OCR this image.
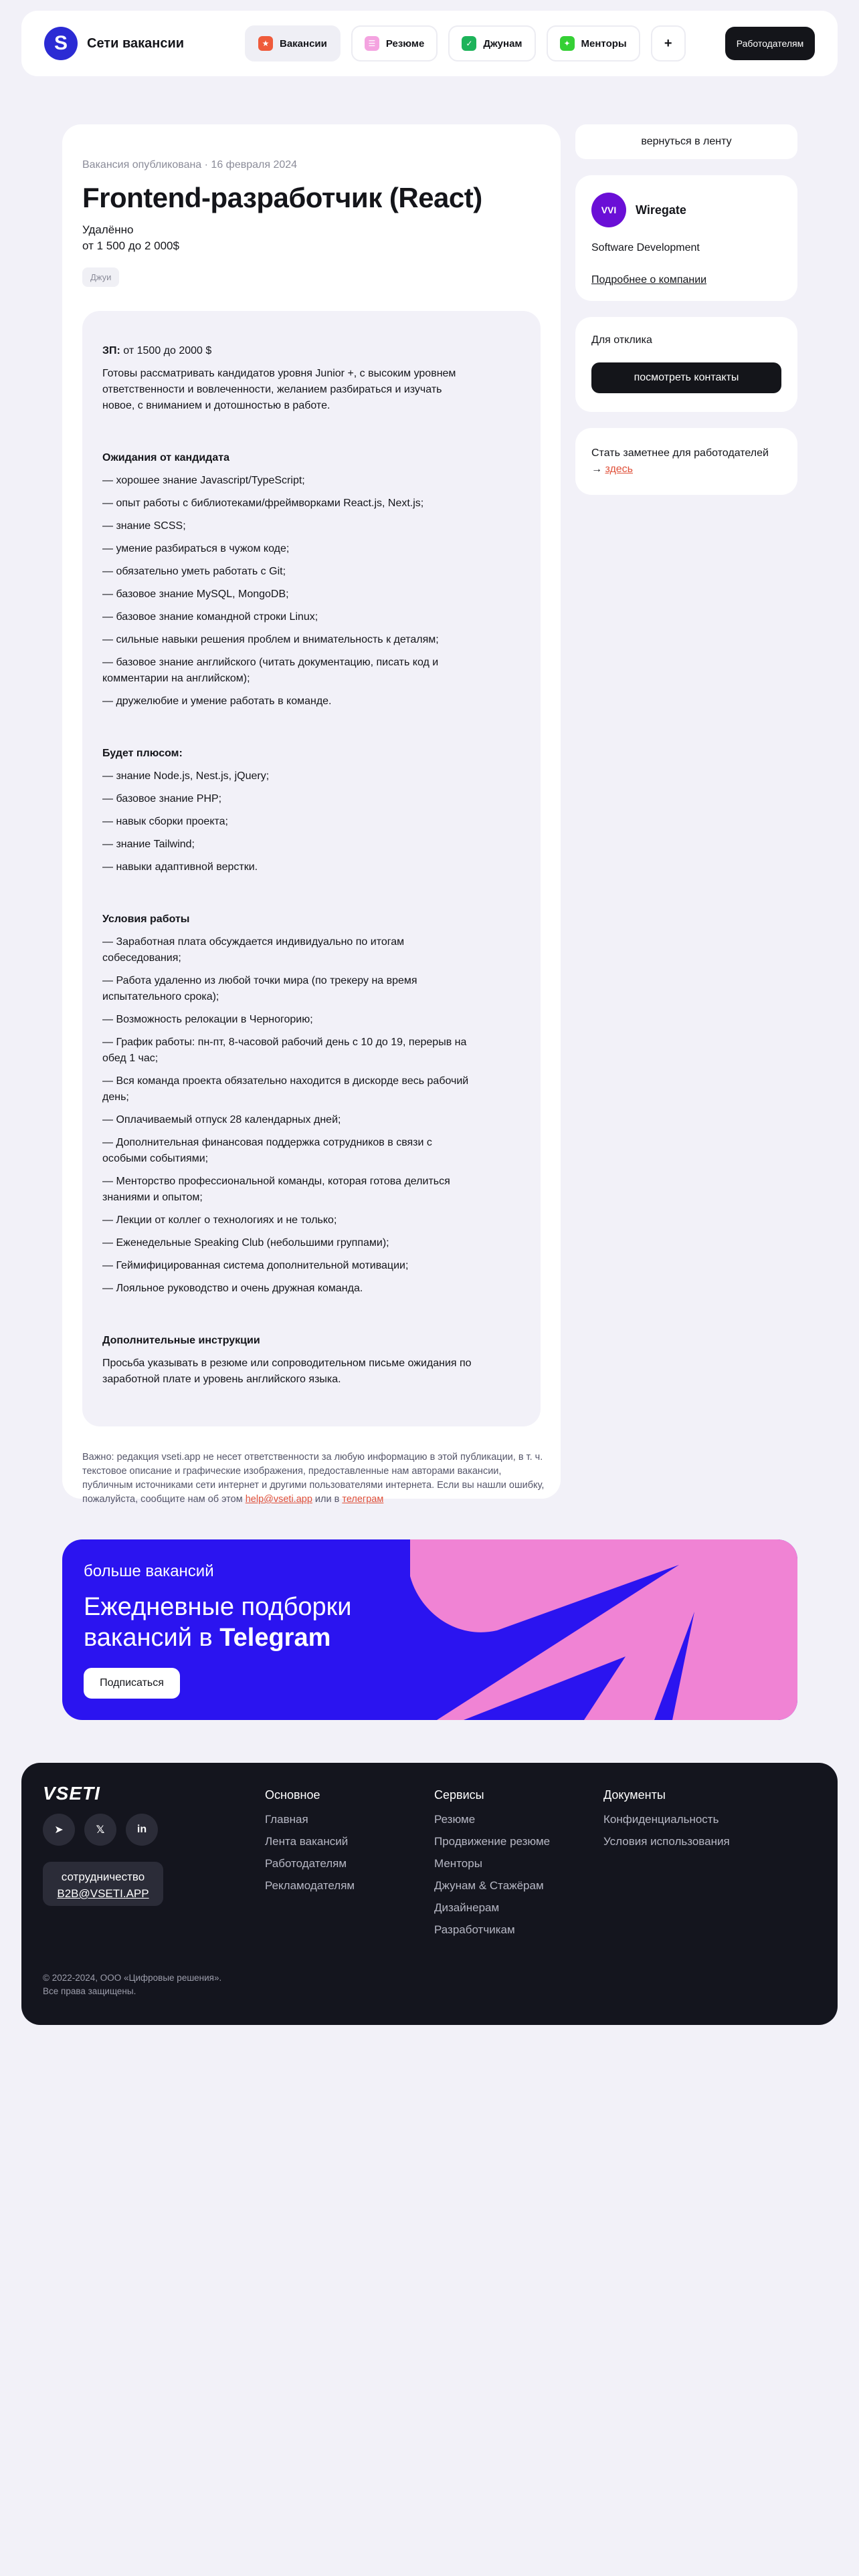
S	Сети вакансии	★	Вакансии	☰	Резюме	✓	Джунам	✦	Менторы	+	Работодателям
Вакансия опубликована · 16 февраля 2024
Frontend-разработчик (React)
Удалённо
от 1 500 до 2 000$
Джуи

ЗП: от 1500 до 2000 $

Готовы рассматривать кандидатов уровня Junior +, с высоким уровнем ответственности и вовлеченности, желанием разбираться и изучать новое, с вниманием и дотошностью в работе.

Ожидания от кандидата
— хорошее знание Javascript/TypeScript;
— опыт работы с библиотеками/фреймворками React.js, Next.js;
— знание SCSS;
— умение разбираться в чужом коде;
— обязательно уметь работать с Git;
— базовое знание MySQL, MongoDB;
— базовое знание командной строки Linux;
— сильные навыки решения проблем и внимательность к деталям;
— базовое знание английского (читать документацию, писать код и комментарии на английском);
— дружелюбие и умение работать в команде.
Будет плюсом:
— знание Node.js, Nest.js, jQuery;
— базовое знание PHP;
— навык сборки проекта;
— знание Tailwind;
— навыки адаптивной верстки.
Условия работы
— Заработная плата обсуждается индивидуально по итогам собеседования;
— Работа удаленно из любой точки мира (по трекеру на время испытательного срока);
— Возможность релокации в Черногорию;
— График работы: пн-пт, 8-часовой рабочий день с 10 до 19, перерыв на обед 1 час;
— Вся команда проекта обязательно находится в дискорде весь рабочий день;
— Оплачиваемый отпуск 28 календарных дней;
— Дополнительная финансовая поддержка сотрудников в связи с особыми событиями;
— Менторство профессиональной команды, которая готова делиться знаниями и опытом;
— Лекции от коллег о технологиях и не только;
— Еженедельные Speaking Club (небольшими группами);
— Геймифицированная система дополнительной мотивации;
— Лояльное руководство и очень дружная команда.
Дополнительные инструкции

Просьба указывать в резюме или сопроводительном письме ожидания по заработной плате и уровень английского языка.

Важно: редакция vseti.app не несет ответственности за любую информацию в этой публикации, в т. ч. текстовое описание и графические изображения, предоставленные нам авторами вакансии, публичным источниками сети интернет и другими пользователями интернета. Если вы нашли ошибку, пожалуйста, сообщите нам об этом help@vseti.app или в телеграм

вернуться в ленту
VVI	Wiregate
Software Development
Подробнее о компании
Для отклика
посмотреть контакты
Стать заметнее для работодателей
→ здесь
больше вакансий
Ежедневные подборки
вакансий в Telegram
Подписаться
VSETI
➤	𝕏	in
сотрудничество
B2B@VSETI.APP
Основное
Главная
Лента вакансий
Работодателям
Рекламодателям
Сервисы
Резюме
Продвижение резюме
Менторы
Джунам & Стажёрам
Дизайнерам
Разработчикам
Документы
Конфиденциальность
Условия использования
© 2022-2024, ООО «Цифровые решения».
Все права защищены.
